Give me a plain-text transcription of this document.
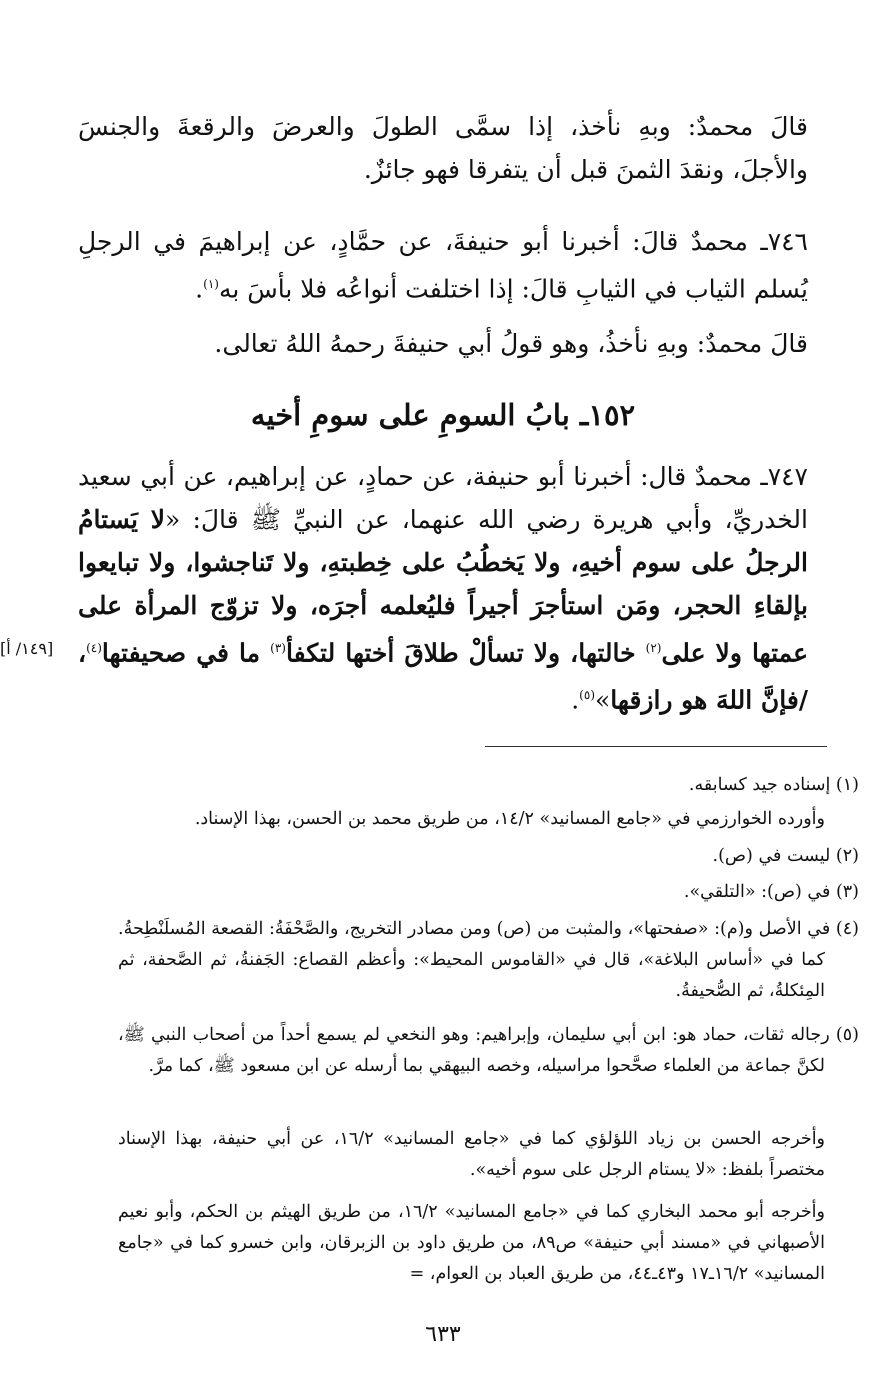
قالَ محمدٌ: وبهِ نأخذ، إذا سمَّى الطولَ والعرضَ والرقعةَ والجنسَ والأجلَ، ونقدَ الثمنَ قبل أن يتفرقا فهو جائزٌ.

٧٤٦ـ محمدٌ قالَ: أخبرنا أبو حنيفةَ، عن حمَّادٍ، عن إبراهيمَ في الرجلِ يُسلم الثياب في الثيابِ قالَ: إذا اختلفت أنواعُه فلا بأسَ به$^{(١)}$.

قالَ محمدٌ: وبهِ نأخذُ، وهو قولُ أبي حنيفةَ رحمهُ اللهُ تعالى.

١٥٢ـ بابُ السومِ على سومِ أخيه

٧٤٧ـ محمدٌ قال: أخبرنا أبو حنيفة، عن حمادٍ، عن إبراهيم، عن أبي سعيد الخدريِّ، وأبي هريرة رضي الله عنهما، عن النبيِّ ﷺ قالَ: «لا يَستامُ الرجلُ على سوم أخيهِ، ولا يَخطُبُ على خِطبتهِ، ولا تَناجشوا، ولا تبايعوا بإلقاءِ الحجر، ومَن استأجرَ أجيراً فليُعلمه أجرَه، ولا تزوّج المرأة على عمتها ولا على$^{(٢)}$ خالتها، ولا تسألْ طلاقَ أختها لتكفأ$^{(٣)}$ ما في صحيفتها$^{(٤)}$، /فإنَّ اللهَ هو رازقها»$^{(٥)}$.

[١٤٩/ أ]
(١) إسناده جيد كسابقه.
وأورده الخوارزمي في «جامع المسانيد» ١٤/٢، من طريق محمد بن الحسن، بهذا الإسناد.
(٢) ليست في (ص).
(٣) في (ص): «التلقي».
(٤) في الأصل و(م): «صفحتها»، والمثبت من (ص) ومن مصادر التخريج، والصَّحْفَةُ: القصعة المُسلَنْطِحةُ. كما في «أساس البلاغة»، قال في «القاموس المحيط»: وأعظم القصاع: الجَفنةُ، ثم الصَّحفة، ثم المِئكلةُ، ثم الصُّحيفةُ.
(٥) رجاله ثقات، حماد هو: ابن أبي سليمان، وإبراهيم: وهو النخعي لم يسمع أحداً من أصحاب النبي ﷺ، لكنَّ جماعة من العلماء صحَّحوا مراسيله، وخصه البيهقي بما أرسله عن ابن مسعود ﷺ، كما مرَّ.
وأخرجه الحسن بن زياد اللؤلؤي كما في «جامع المسانيد» ١٦/٢، عن أبي حنيفة، بهذا الإسناد مختصراً بلفظ: «لا يستام الرجل على سوم أخيه».
وأخرجه أبو محمد البخاري كما في «جامع المسانيد» ١٦/٢، من طريق الهيثم بن الحكم، وأبو نعيم الأصبهاني في «مسند أبي حنيفة» ص٨٩، من طريق داود بن الزبرقان، وابن خسرو كما في «جامع المسانيد» ١٦/٢ـ١٧ و٤٣ـ٤٤، من طريق العباد بن العوام، =
٦٣٣
